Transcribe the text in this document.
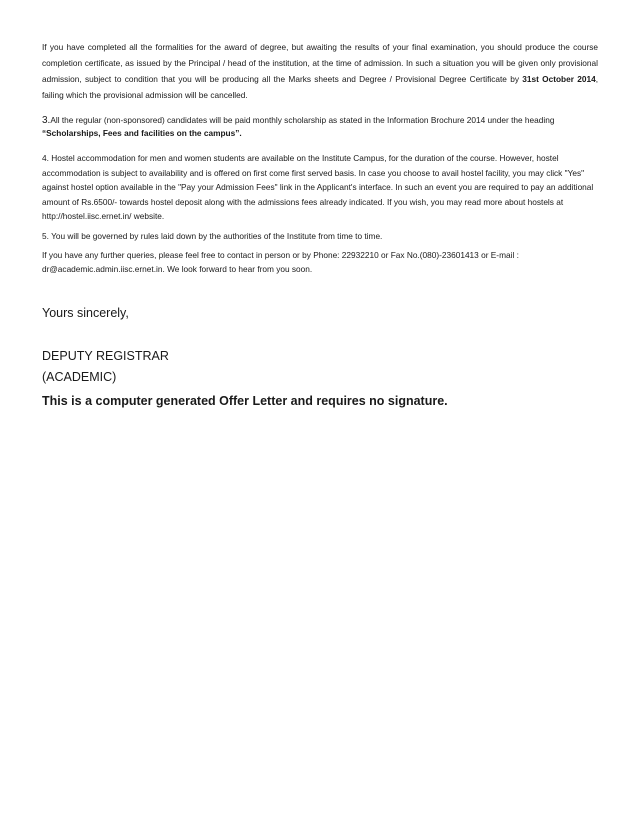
If you have completed all the formalities for the award of degree, but awaiting the results of your final examination, you should produce the course completion certificate, as issued by the Principal / head of the institution, at the time of admission. In such a situation you will be given only provisional admission, subject to condition that you will be producing all the Marks sheets and Degree / Provisional Degree Certificate by 31st October 2014, failing which the provisional admission will be cancelled.

3.All the regular (non-sponsored) candidates will be paid monthly scholarship as stated in the Information Brochure 2014 under the heading “Scholarships, Fees and facilities on the campus”.

4. Hostel accommodation for men and women students are available on the Institute Campus, for the duration of the course. However, hostel accommodation is subject to availability and is offered on first come first served basis. In case you choose to avail hostel facility, you may click "Yes" against hostel option available in the "Pay your Admission Fees" link in the Applicant's interface. In such an event you are required to pay an additional amount of Rs.6500/- towards hostel deposit along with the admissions fees already indicated. If you wish, you may read more about hostels at http://hostel.iisc.ernet.in/ website.

5. You will be governed by rules laid down by the authorities of the Institute from time to time.

If you have any further queries, please feel free to contact in person or by Phone: 22932210 or Fax No.(080)-23601413 or E-mail : dr@academic.admin.iisc.ernet.in. We look forward to hear from you soon.

Yours sincerely,

DEPUTY REGISTRAR

(ACADEMIC)

This is a computer generated Offer Letter and requires no signature.
